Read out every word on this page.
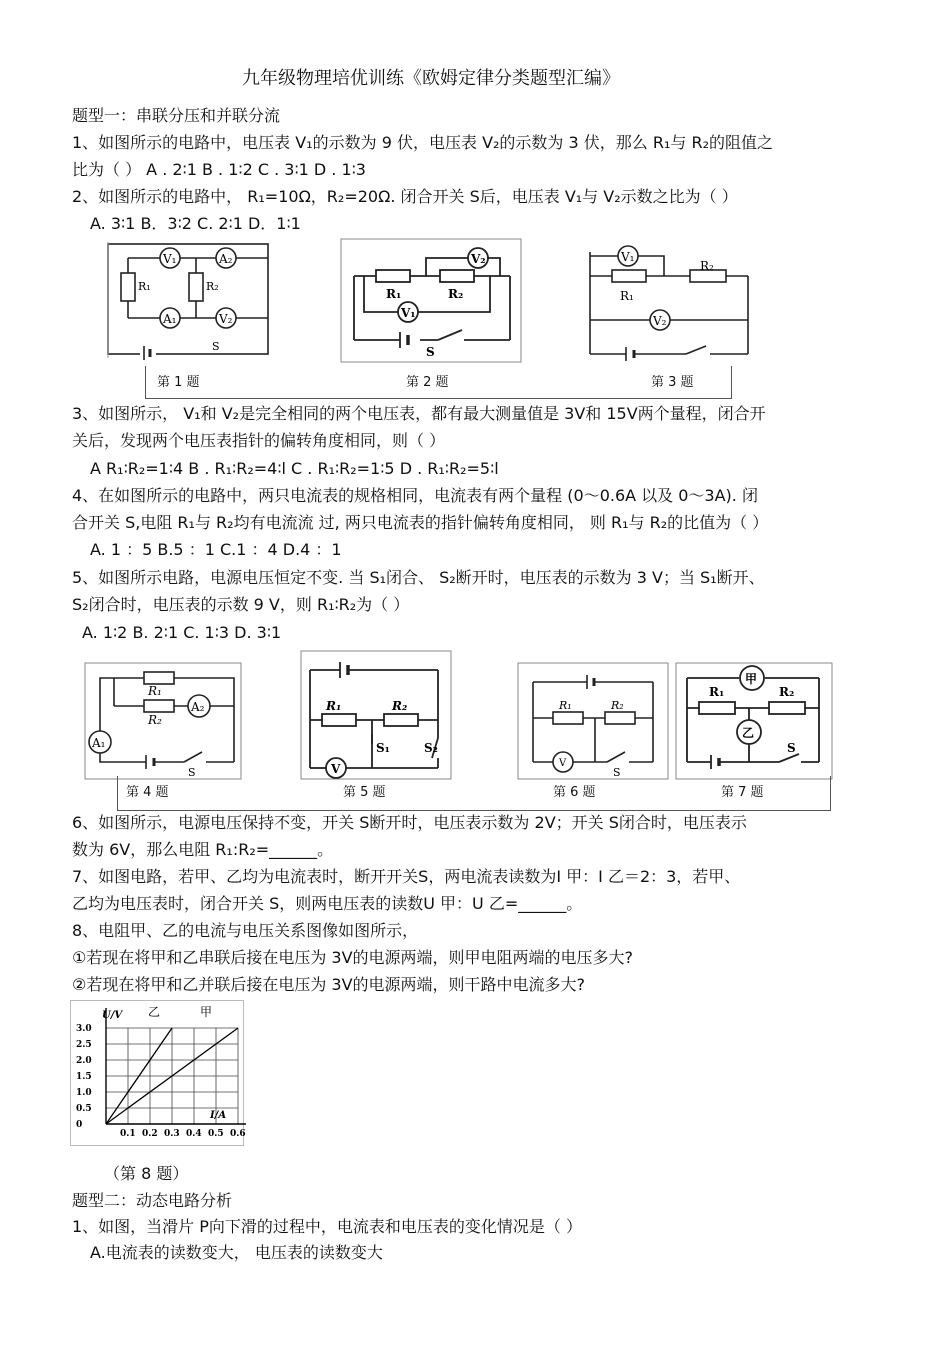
九年级物理培优训练《欧姆定律分类题型汇编》
题型一：串联分压和并联分流
1、如图所示的电路中，电压表 V₁的示数为 9 伏，电压表 V₂的示数为 3 伏，那么 R₁与 R₂的阻值之
比为（ ） A . 2∶1 B . 1∶2 C . 3∶1 D . 1∶3
2、如图所示的电路中， R₁=10Ω，R₂=20Ω. 闭合开关 S后，电压表 V₁与 V₂示数之比为（ ）
A. 3∶1 B．3∶2 C. 2∶1 D．1∶1
V₁	A₂
A₁	V₂
R₁	R₂
S
V₂
V₁
R₁	R₂
S
V₁
V₂
R₁
R₂
第 1 题	第 2 题	第 3 题
3、如图所示， V₁和 V₂是完全相同的两个电压表，都有最大测量值是 3V和 15V两个量程，闭合开
关后，发现两个电压表指针的偏转角度相同，则（ ）
A R₁∶R₂=1∶4 B . R₁∶R₂=4∶l C . R₁∶R₂=1∶5 D . R₁∶R₂=5∶l
4、在如图所示的电路中，两只电流表的规格相同，电流表有两个量程 (0～0.6A 以及 0～3A). 闭
合开关 S,电阻 R₁与 R₂均有电流流 过, 两只电流表的指针偏转角度相同， 则 R₁与 R₂的比值为（ ）
A. 1 ：5 B.5 ：1 C.1 ：4 D.4 ：1
5、如图所示电路，电源电压恒定不变. 当 S₁闭合、 S₂断开时，电压表的示数为 3 V；当 S₁断开、
S₂闭合时，电压表的示数 9 V，则 R₁∶R₂为（ ）
A. 1∶2 B. 2∶1 C. 1∶3 D. 3∶1
R₁
R₂
A₂
A₁
S
R₁	R₂
S₁	S₂
V
R₁	R₂
V
S
甲
乙
R₁	R₂
S
第 4 题	第 5 题	第 6 题	第 7 题
6、如图所示，电源电压保持不变，开关 S断开时，电压表示数为 2V；开关 S闭合时，电压表示
数为 6V，那么电阻 R₁:R₂=______。
7、如图电路，若甲、乙均为电流表时，断开开关S，两电流表读数为I 甲：I 乙＝2：3，若甲、
乙均为电压表时，闭合开关 S，则两电压表的读数U 甲：U 乙=______。
8、电阻甲、乙的电流与电压关系图像如图所示，
①若现在将甲和乙串联后接在电压为 3V的电源两端，则甲电阻两端的电压多大?
②若现在将甲和乙并联后接在电压为 3V的电源两端，则干路中电流多大?
0.1 0.2 0.3 0.4 0.5 0.6
0
0.5
1.0
1.5
2.0
2.5
3.0
U/V
I/A
乙	甲
（第 8 题）
题型二：动态电路分析
1、如图，当滑片 P向下滑的过程中，电流表和电压表的变化情况是（ ）
A.电流表的读数变大， 电压表的读数变大
